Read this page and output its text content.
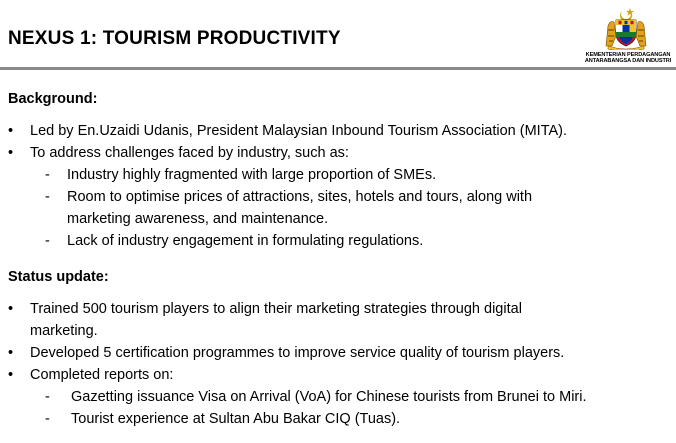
NEXUS 1: TOURISM PRODUCTIVITY
KEMENTERIAN PERDAGANGAN
ANTARABANGSA DAN INDUSTRI
Background:
• Led by En.Uzaidi Udanis, President Malaysian Inbound Tourism Association (MITA).
• To address challenges faced by industry, such as:
- Industry highly fragmented with large proportion of SMEs.
- Room to optimise prices of attractions, sites, hotels and tours, along with
marketing awareness, and maintenance.
- Lack of industry engagement in formulating regulations.
Status update:
• Trained 500 tourism players to align their marketing strategies through digital
marketing.
• Developed 5 certification programmes to improve service quality of tourism players.
• Completed reports on:
- Gazetting issuance Visa on Arrival (VoA) for Chinese tourists from Brunei to Miri.
- Tourist experience at Sultan Abu Bakar CIQ (Tuas).
